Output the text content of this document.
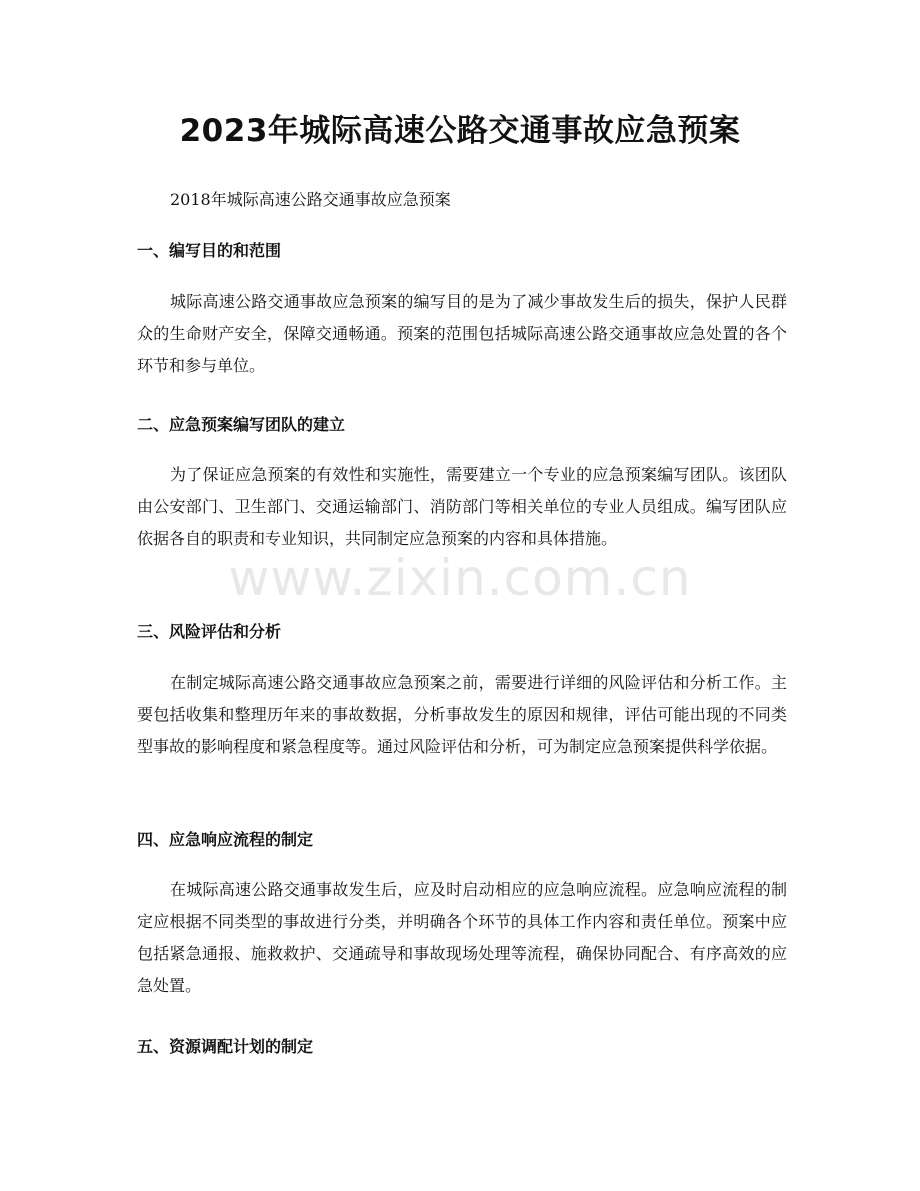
2023年城际高速公路交通事故应急预案

2018年城际高速公路交通事故应急预案

一、编写目的和范围

城际高速公路交通事故应急预案的编写目的是为了减少事故发生后的损失，保护人民群众的生命财产安全，保障交通畅通。预案的范围包括城际高速公路交通事故应急处置的各个环节和参与单位。

二、应急预案编写团队的建立

为了保证应急预案的有效性和实施性，需要建立一个专业的应急预案编写团队。该团队由公安部门、卫生部门、交通运输部门、消防部门等相关单位的专业人员组成。编写团队应依据各自的职责和专业知识，共同制定应急预案的内容和具体措施。

三、风险评估和分析

在制定城际高速公路交通事故应急预案之前，需要进行详细的风险评估和分析工作。主要包括收集和整理历年来的事故数据，分析事故发生的原因和规律，评估可能出现的不同类型事故的影响程度和紧急程度等。通过风险评估和分析，可为制定应急预案提供科学依据。

四、应急响应流程的制定

在城际高速公路交通事故发生后，应及时启动相应的应急响应流程。应急响应流程的制定应根据不同类型的事故进行分类，并明确各个环节的具体工作内容和责任单位。预案中应包括紧急通报、施救救护、交通疏导和事故现场处理等流程，确保协同配合、有序高效的应急处置。

五、资源调配计划的制定
www.zixin.com.cn
